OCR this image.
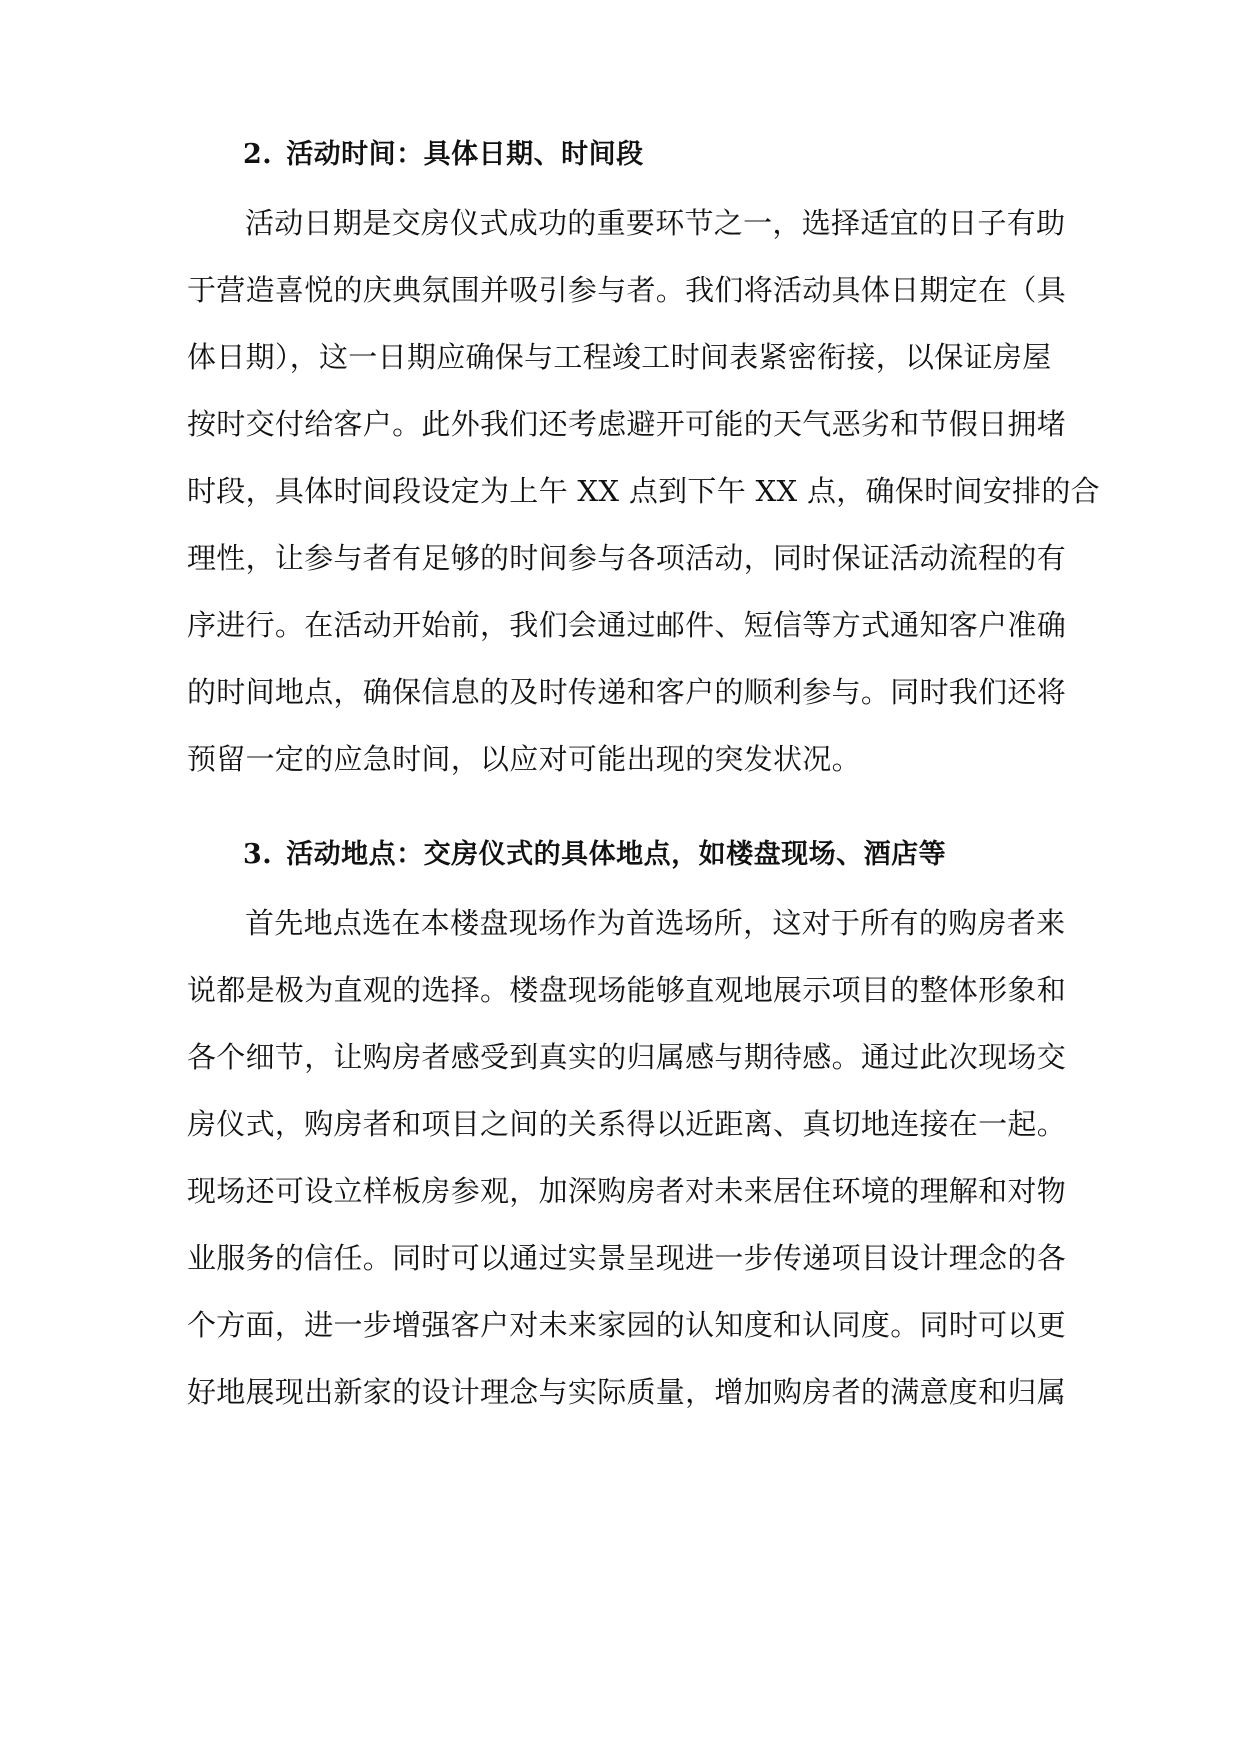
2. 活动时间：具体日期、时间段
活动日期是交房仪式成功的重要环节之一，选择适宜的日子有助
于营造喜悦的庆典氛围并吸引参与者。我们将活动具体日期定在（具
体日期），这一日期应确保与工程竣工时间表紧密衔接，以保证房屋
按时交付给客户。此外我们还考虑避开可能的天气恶劣和节假日拥堵
时段，具体时间段设定为上午 XX 点到下午 XX 点，确保时间安排的合
理性，让参与者有足够的时间参与各项活动，同时保证活动流程的有
序进行。在活动开始前，我们会通过邮件、短信等方式通知客户准确
的时间地点，确保信息的及时传递和客户的顺利参与。同时我们还将
预留一定的应急时间，以应对可能出现的突发状况。
3. 活动地点：交房仪式的具体地点，如楼盘现场、酒店等
首先地点选在本楼盘现场作为首选场所，这对于所有的购房者来
说都是极为直观的选择。楼盘现场能够直观地展示项目的整体形象和
各个细节，让购房者感受到真实的归属感与期待感。通过此次现场交
房仪式，购房者和项目之间的关系得以近距离、真切地连接在一起。
现场还可设立样板房参观，加深购房者对未来居住环境的理解和对物
业服务的信任。同时可以通过实景呈现进一步传递项目设计理念的各
个方面，进一步增强客户对未来家园的认知度和认同度。同时可以更
好地展现出新家的设计理念与实际质量，增加购房者的满意度和归属
